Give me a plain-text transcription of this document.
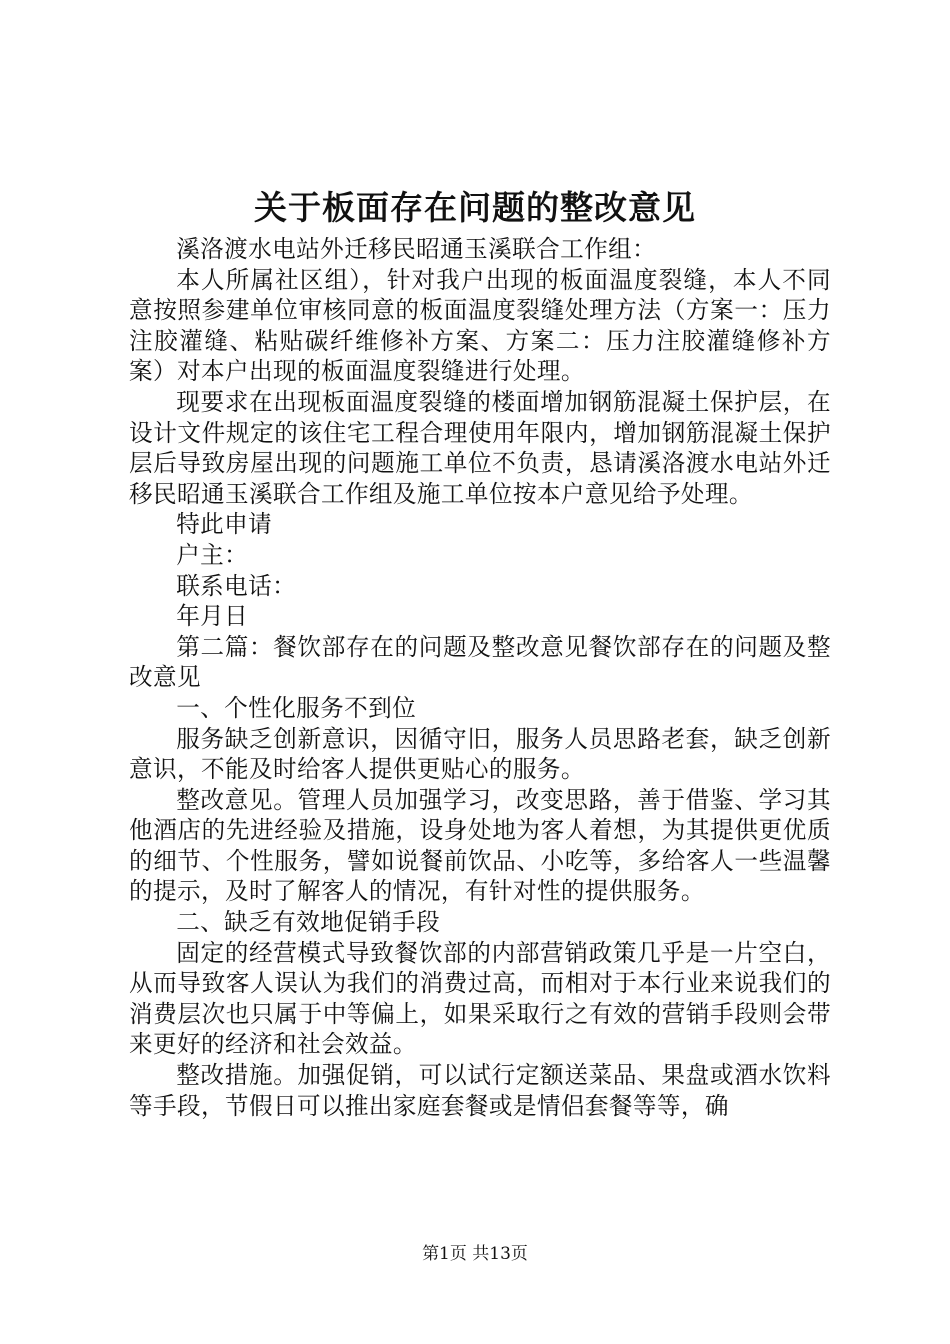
关于板面存在问题的整改意见

溪洛渡水电站外迁移民昭通玉溪联合工作组：

本人所属社区组），针对我户出现的板面温度裂缝，本人不同意按照参建单位审核同意的板面温度裂缝处理方法（方案一：压力注胶灌缝、粘贴碳纤维修补方案、方案二：压力注胶灌缝修补方案）对本户出现的板面温度裂缝进行处理。

现要求在出现板面温度裂缝的楼面增加钢筋混凝土保护层，在设计文件规定的该住宅工程合理使用年限内，增加钢筋混凝土保护层后导致房屋出现的问题施工单位不负责，恳请溪洛渡水电站外迁移民昭通玉溪联合工作组及施工单位按本户意见给予处理。

特此申请

户主：

联系电话：

年月日

第二篇：餐饮部存在的问题及整改意见餐饮部存在的问题及整改意见

一、个性化服务不到位

服务缺乏创新意识，因循守旧，服务人员思路老套，缺乏创新意识，不能及时给客人提供更贴心的服务。

整改意见。管理人员加强学习，改变思路，善于借鉴、学习其他酒店的先进经验及措施，设身处地为客人着想，为其提供更优质的细节、个性服务，譬如说餐前饮品、小吃等，多给客人一些温馨的提示，及时了解客人的情况，有针对性的提供服务。

二、缺乏有效地促销手段

固定的经营模式导致餐饮部的内部营销政策几乎是一片空白，从而导致客人误认为我们的消费过高，而相对于本行业来说我们的消费层次也只属于中等偏上，如果采取行之有效的营销手段则会带来更好的经济和社会效益。

整改措施。加强促销，可以试行定额送菜品、果盘或酒水饮料等手段，节假日可以推出家庭套餐或是情侣套餐等等，确

第1页 共13页
